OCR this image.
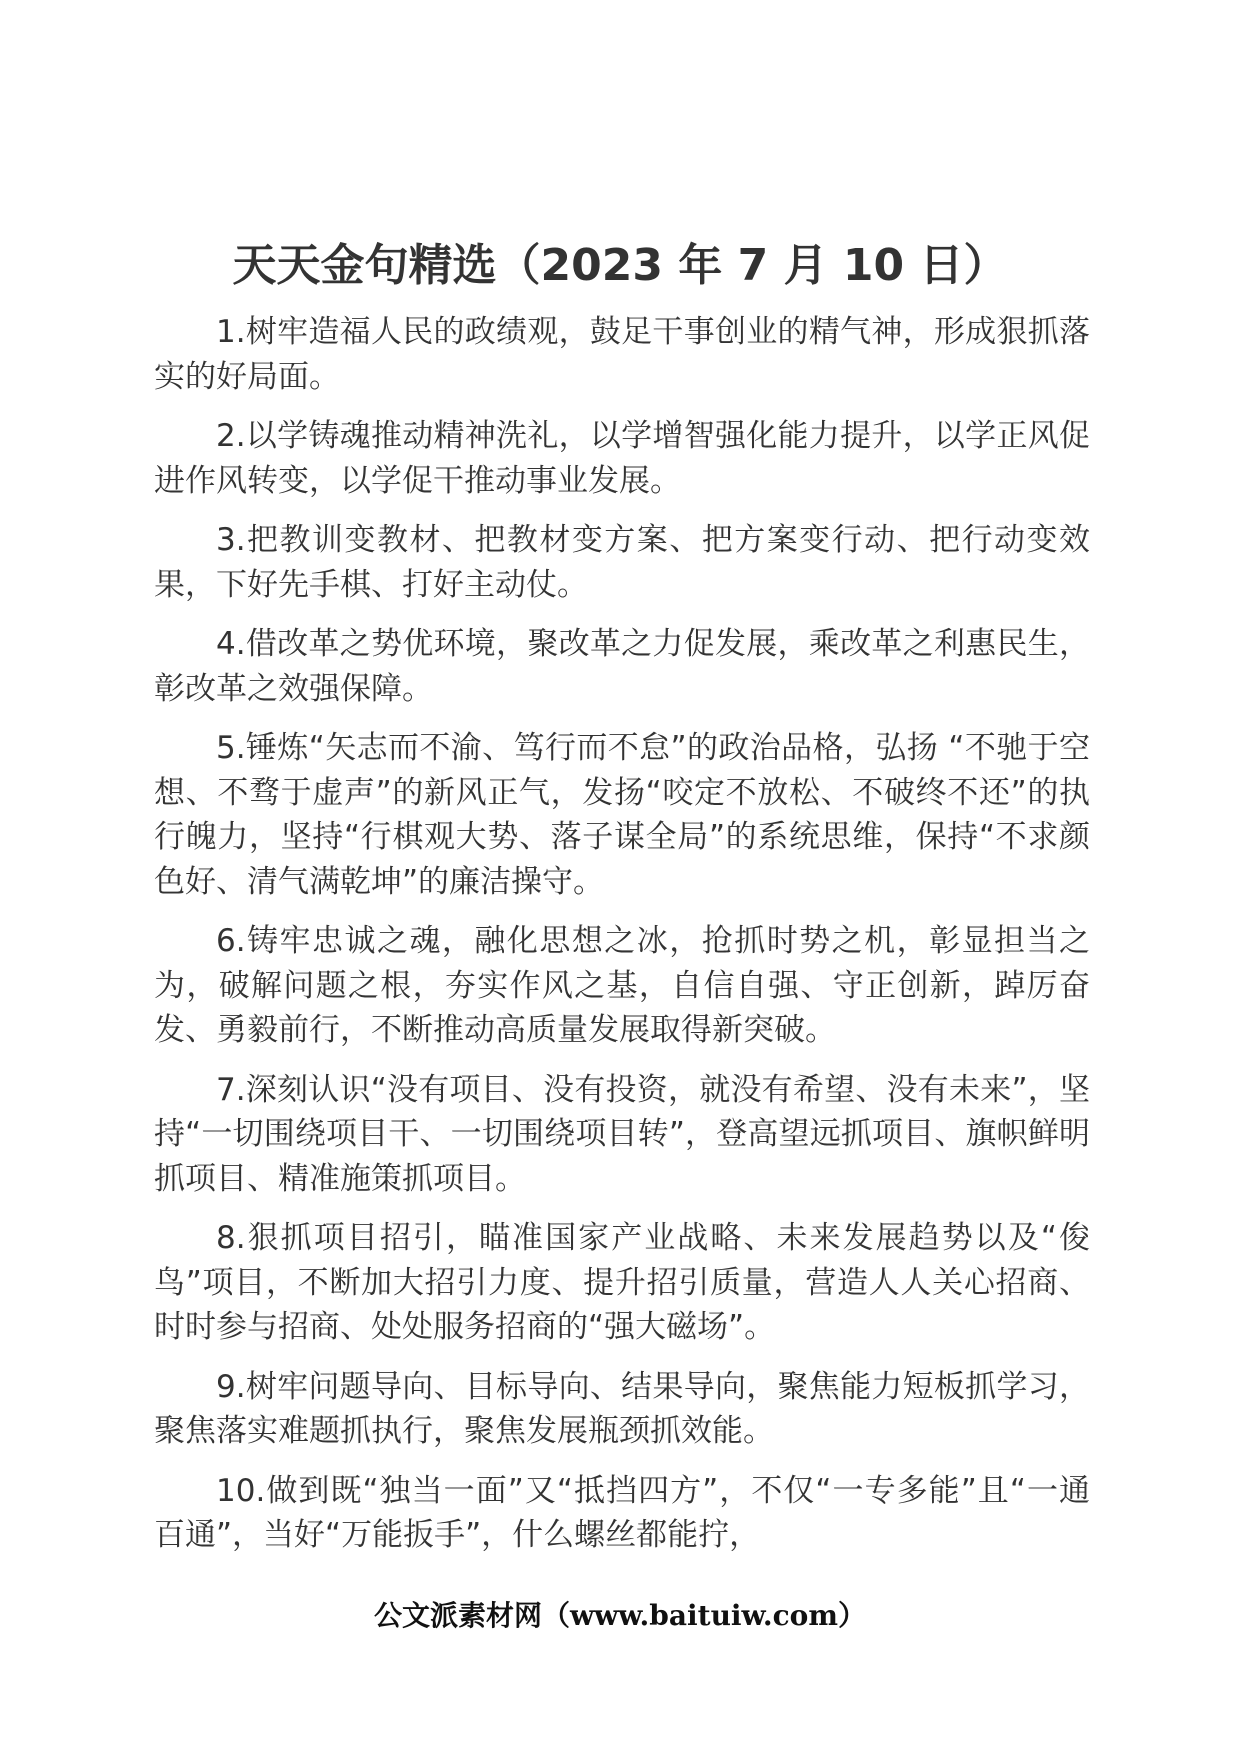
天天金句精选（2023 年 7 月 10 日）

1.树牢造福人民的政绩观，鼓足干事创业的精气神，形成狠抓落实的好局面。

2.以学铸魂推动精神洗礼，以学增智强化能力提升，以学正风促进作风转变，以学促干推动事业发展。

3.把教训变教材、把教材变方案、把方案变行动、把行动变效果，下好先手棋、打好主动仗。

4.借改革之势优环境，聚改革之力促发展，乘改革之利惠民生，彰改革之效强保障。

5.锤炼“矢志而不渝、笃行而不怠”的政治品格，弘扬 “不驰于空想、不骛于虚声”的新风正气，发扬“咬定不放松、不破终不还”的执行魄力，坚持“行棋观大势、落子谋全局”的系统思维，保持“不求颜色好、清气满乾坤”的廉洁操守。

6.铸牢忠诚之魂，融化思想之冰，抢抓时势之机，彰显担当之为，破解问题之根，夯实作风之基，自信自强、守正创新，踔厉奋发、勇毅前行，不断推动高质量发展取得新突破。

7.深刻认识“没有项目、没有投资，就没有希望、没有未来”，坚持“一切围绕项目干、一切围绕项目转”，登高望远抓项目、旗帜鲜明抓项目、精准施策抓项目。

8.狠抓项目招引，瞄准国家产业战略、未来发展趋势以及“俊鸟”项目，不断加大招引力度、提升招引质量，营造人人关心招商、时时参与招商、处处服务招商的“强大磁场”。

9.树牢问题导向、目标导向、结果导向，聚焦能力短板抓学习，聚焦落实难题抓执行，聚焦发展瓶颈抓效能。

10.做到既“独当一面”又“抵挡四方”，不仅“一专多能”且“一通百通”，当好“万能扳手”，什么螺丝都能拧，

公文派素材网（www.baituiw.com）
